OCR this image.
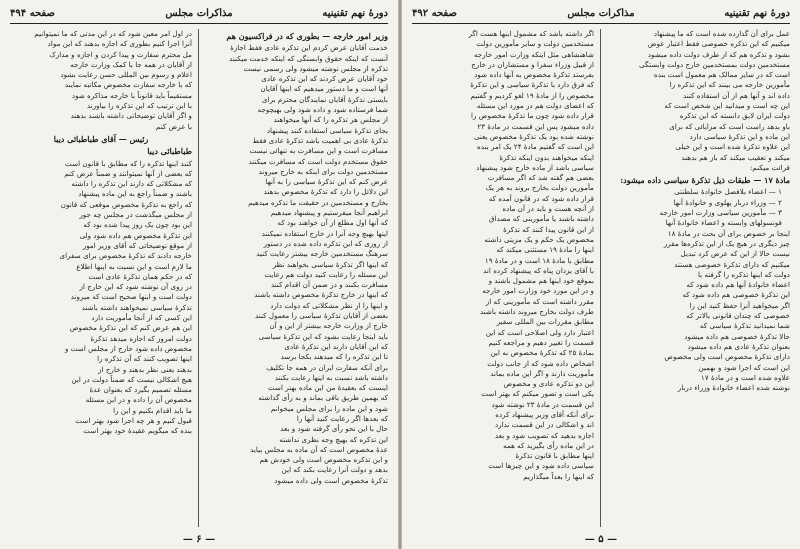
دورهٔ نهم تقنینیه
مذاکرات مجلس
صفحه ۴۹۴
وزیر امور خارجه — بطوری که در فراکسیون هم
خدمت آقایان عرض کردم این تذکره عادی فقط اجازهٔ
آنست که اینکه حقوق وابستگی که اینکه خدمت میکنند
تذکره از مجلس نوشته میشود ولی رسمی نیست
خود آقایان عرض کردند که این تذکره عادی
آنها است و ما دستور میدهیم که اینها آقایان
بایستی تذکرهٔ آقایان نمایندگان محترم برای
شما فرستاده شود و داده شود ولی بهیچوجه
از مجلس هر تذکره را که آنها میخواهند
بجای تذکرهٔ سیاسی استفاده کنند پیشنهاد
تذکرهٔ عادی بی اهمیت باشد تذکرهٔ عادی فقط
مسافرت است و این مسافرت به تنهائی نیست
حقوق مستخدم دولت است که مسافرت میکنند
مستخدمین دولت برای اینکه به خارج میروند
عرض کنم که این تذکرهٔ سیاسی را به آنها
این دلائل را دارد که تذکرهٔ مخصوص بدهند
بخارج و مستخدمین در حقیقت ما تذکره میدهیم
ابراهیم آنجا میفرستیم و پیشنهاد میدهیم
که آنها اول مطلع از آن خواهند بود که
اینها بهیچ وجه آنرا در خارج استفاده نمیکنند
از روزی که این تذکره داده شده در دستور
سرهنگ مستخدمین خارجه بیشتر رعایت کنید
که اینها اگر تذکرهٔ سیاسی بخواهند نظر
این مسئله را رعایت کنید دولت هم رعایت
مسافرت بکنند و در ضمن آن اقدام کنند
که اینها در خارج تذکرهٔ مخصوص داشته باشند
و اینها را از نظر مشکلاتی که دولت دارد
بعضی از آقایان تذکرهٔ سیاسی را معمول کنند
خارج از وزارت خارجه بیشتر از این و آن
باید اینجا رعایت بشود که این تذکرهٔ سیاسی
که این آقایان دارند این تذکرهٔ عادی
تا این تذکره را که میدهند بکجا برسد
برای آنکه سفارت ایران در همه جا تکلیف
داشته باشد نسبت به اینها رعایت بکنند
اینست که بعقیدهٔ من این ماده بهتر است
که بهمین طریق باقی بماند و به رأی گذاشته
شود و این ماده را برای مجلس میخوانم
که بعدها اگر رعایت کنید آنها را
حال با این نحو رأی گرفته شود و بعد
این تذکره که بهیچ وجه نظری نداشته
عدهٔ مخصوص است که آن ماده به مجلس بیاید
و این تذکره مخصوص است ولی خودش هم
بدهد و دولت آنرا رعایت بکند که این
تذکرهٔ مخصوص است ولی داده میشود
در اول امر معین شود که در این مدتی که ما نمیتوانیم
آنرا اجرا کنیم بطوری که اجازه بدهند که این مواد
مل محترم سفارت و پیدا کردن و اجازه و مدارک
از آقایان در همه جا با کمک وزارت خارجه
اعلام و رسوم بین المللی حسن رعایت بشود
که با خارجه سفارت مخصوص مکاتبه نمایند
مستقیماً باید قانوناً با خارجه مذاکره شود
با این ترتیب که این تذکره را بیاورند
و اگر آقایان توضیحاتی داشته باشند بدهند
با عرض کنم
رئیس — آقای طباطبائی دیبا
طباطبائی دیبا
کنند اینها تذکره را که مطابق با قانون است
که بعضی از آنها نمیتوانند و ضمناً عرض کنم
که مشکلاتی که دارند این تذکره را داشته
باشند و ضمناً راجع به این ماده پیشنهاد
که راجع به تذکرهٔ مخصوص موقعی که قانون
از مجلس میگذشت در مجلس چه جور
این بود چون یک روز پیدا شده بود که
این تذکرهٔ مخصوص هم داده شود ولی
از موقع توضیحاتی که آقای وزیر امور
خارجه دادند که تذکرهٔ مخصوص برای سفرای
ما لازم است و این نسبت به اینها اطلاع
که در حکم همان تذکرهٔ عادی است
در روی آن نوشته شود که این خارج از
دولت است و اینها صحیح است که میروند
تذکرهٔ سیاسی نمیخواهند داشته باشند
این کسی که از آنجا مأموریت دارد
این هم عرض کنم که این تذکرهٔ مخصوص
دولت امروز که اجازه میدهد تذکرهٔ
مخصوص داده شود خارج از مجلس است و
اینها تصویب کنند که آن تذکره را
بدهند یعنی نظر بدهند و خارج از
هیچ اشکالی نیست که ضمناً دولت در این
مسئله تصمیم بگیرد که بعنوان عدهٔ
مخصوص آن را داده و در این مسئله
ما باید اقدام بکنیم و این را
قبول کنیم و هر چه اجرا شود بهتر است
بنده که میگویم عقیدهٔ خود بهتر است
— ۶ —
دورهٔ نهم تقنینیه
مذاکرات مجلس
صفحه ۴۹۲
عمل برای آن گذارده شده است که ما پیشنهاد
میکنیم که این تذکره خصوصی فقط اعتبار عوض
بشود و تذکره هم که از طرف دولت داده میشود
مستخدمین دولت بمستخدمین خارج دولت وابستگی
است که در سایر ممالک هم معمول است بنده
مأمورین خارجه می بینند که این تذکره را
داده اند و آنها هم از آن استفاده کنند
این چه است و میدانید این شخص است که
دولت ایران لایق دانسته که این تذکره
باو بدهد راست است که مزایائی که برای
این ماده و این تذکرهٔ سیاسی دارد
این علاوه تذکرهٔ شده است و این خیلی
میکند و تعقیب میکند که باز هم بدهند
قرائت میکنم:
مادهٔ ۱۷ — طبقات ذیل تذکرهٔ سیاسی داده میشود:
۱ — اعضاء بلافصل خانوادهٔ سلطنتی
۲ — وزراء دربار پهلوی و خانوادهٔ آنها
۳ — مأمورین سیاسی وزارت امور خارجه
قونسولهای وابسته و اعضاء خانوادهٔ آنها
اینجا بر خصوص برای آن بحث در مادهٔ ۱۸
چیز دیگری در هیچ یک از این تذکره‌ها مقرر
نیست حالا از این که عرض کرد تبدیل
میکنیم که دارای تذکرهٔ خصوصی هستند
دولت که اینها تذکره را گرفته با
اعضاء خانوادهٔ آنها هم داده شود که
این تذکرهٔ خصوصی هم داده شود که
اگر میخواهید آنرا حفظ کنید این را
خصوصی که چندان قانونی بالاتر که
شما نمیدانید تذکرهٔ سیاسی که
حالا تذکرهٔ خصوصی هم داده میشود
بعنوان تذکرهٔ عادی هم داده میشود
دارای تذکرهٔ مخصوص است ولی مخصوص
این است که اجرا شود و بهمین
علاوه شده است و در مادهٔ ۱۷
نوشته شده اعضاء خانوادهٔ وزراء دربار
اگر داشته باشد که مشمول اینها هست اگر
مستخدمین دولت و سایر مأمورین دولت
شاهنشاهی مثل اینکه وزارت امور خارجه
از قبیل وزراء سفرا و مستشاران در خارج
بفرستد تذکرهٔ مخصوص به آنها داده شود
که فرق دارد با تذکرهٔ سیاسی و این تذکرهٔ
مخصوص را از مادهٔ ۱۹ لغو کردیم و گفتیم
که اعضای دولت هم در مورد این مسئله
قرار داده شود چون ما تذکرهٔ مخصوص را
داده میشود پس این قسمت در مادهٔ ۲۳
نوشته شده بود یک تذکرهٔ مخصوص یعنی
این است که گفتیم مادهٔ ۲۴ یک امر بنده
اینکه میخواهند بدون اینکه تذکرهٔ
سیاسی باشد از ماده خارج شود پیشنهاد
بعضی هم گفته شد که اگر مسافرت
مأمورین دولت بخارج بروند به هر یک
قرار داده شود که در قانون آمده که
از آنچه هست و باید در آن ماده
داشته باشند یا مأمورینی که مصداق
از این قانون پیدا کنند که تذکرهٔ
مخصوص یک حکم و یک مزیتی داشته
اینها را مادهٔ ۱۹ مستثنی میکند که
مطابق با مادهٔ ۱۸ است و در مادهٔ ۱۹
با آقای یزدان پناه که پیشنهاد کرده اند
بموقع خود اینها هم مشمول باشند و
و در این مورد خود وزارت امور خارجه
مقرر داشته است که مأمورینی که از
طرف دولت بخارج میروند داشته باشند
مطابق مقررات بین المللی سفیر
اعتبار دارد ولی اصلاحی است که این
قسمت را تغییر دهیم و مراجعه کنیم
بمادهٔ ۲۵ که تذکرهٔ مخصوص به این
اشخاص داده شود که از جانب دولت
مأموریت دارند و اگر این ماده بماند
این دو تذکره عادی و مخصوص
یکی است و تصور میکنم که بهتر است
این قسمت در مادهٔ ۲۳ نوشته شود
برای آنکه آقای وزیر پیشنهاد کرده
اند و اشکالی در این قسمت ندارد
اجازه بدهید که تصویب شود و بعد
در این ماده رأی بگیرید که همه
اینها مطابق با قانون تذکرهٔ
سیاسی داده شود و این چیزها است
که اینها را بعداً میگذاریم
— ۵ —
